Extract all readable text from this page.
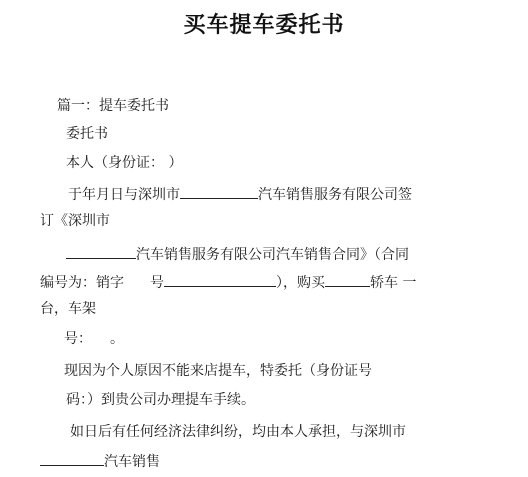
买车提车委托书
篇一：提车委托书
委托书
本人（身份证： ）
于年月日与深圳市	汽车销售服务有限公司签
订《深圳市
汽车销售服务有限公司汽车销售合同》（合同
编号为：销字 号	），购买	轿车 一
台，车架
号： 。
现因为个人原因不能来店提车，特委托（身份证号
码：）到贵公司办理提车手续。
如日后有任何经济法律纠纷，均由本人承担，与深圳市
汽车销售
